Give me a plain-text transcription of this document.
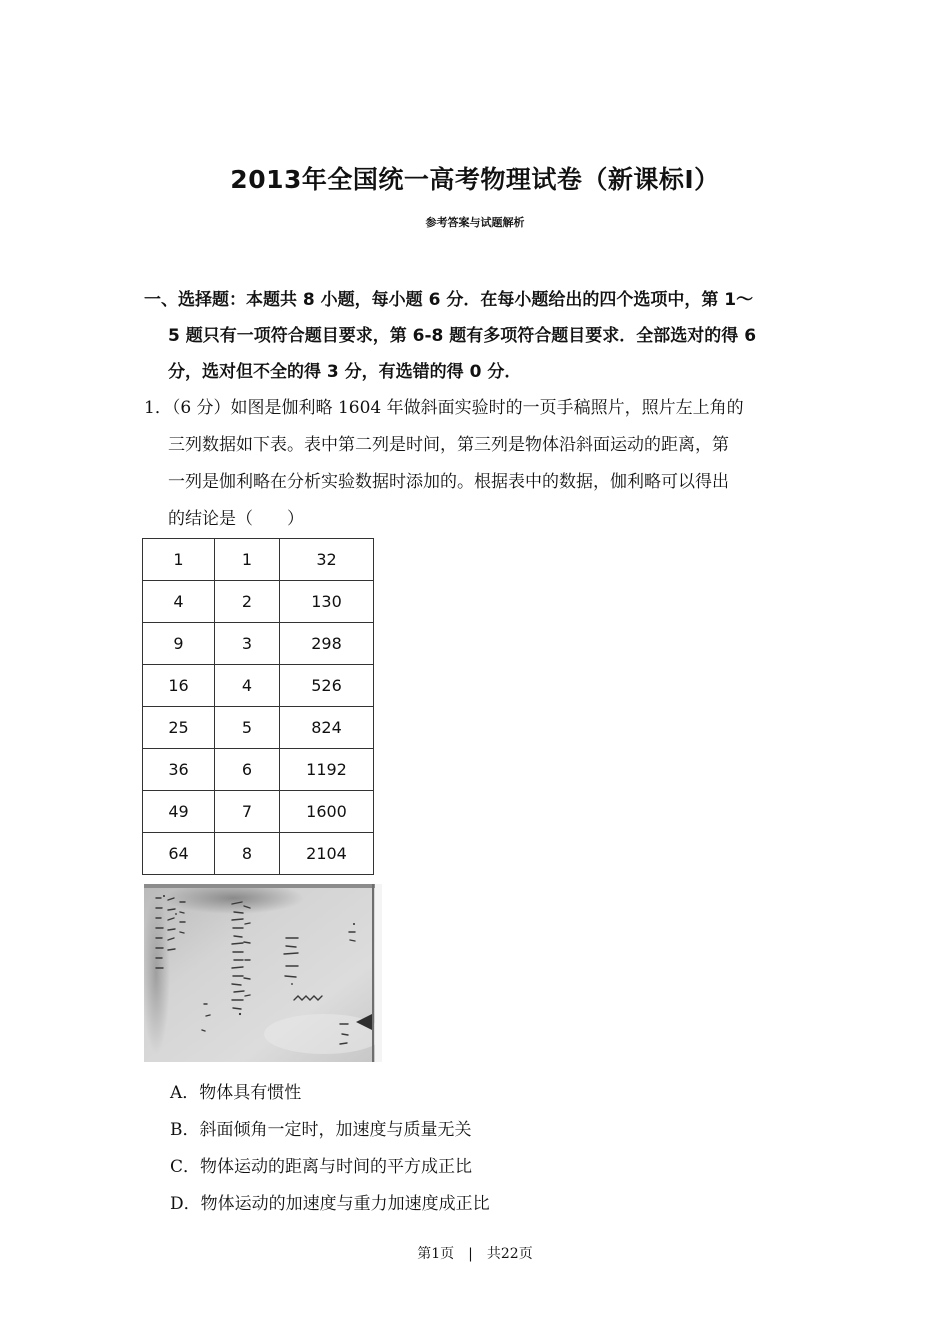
2013年全国统一高考物理试卷（新课标Ⅰ）
参考答案与试题解析
一、选择题：本题共 8 小题，每小题 6 分．在每小题给出的四个选项中，第 1～
5 题只有一项符合题目要求，第 6-8 题有多项符合题目要求．全部选对的得 6
分，选对但不全的得 3 分，有选错的得 0 分．
1．（6 分）如图是伽利略 1604 年做斜面实验时的一页手稿照片，照片左上角的
三列数据如下表。表中第二列是时间，第三列是物体沿斜面运动的距离，第
一列是伽利略在分析实验数据时添加的。根据表中的数据，伽利略可以得出
的结论是（　　）
1	1	32
4	2	130
9	3	298
16	4	526
25	5	824
36	6	1192
49	7	1600
64	8	2104
A．物体具有惯性
B．斜面倾角一定时，加速度与质量无关
C．物体运动的距离与时间的平方成正比
D．物体运动的加速度与重力加速度成正比
第1页　|　共22页
